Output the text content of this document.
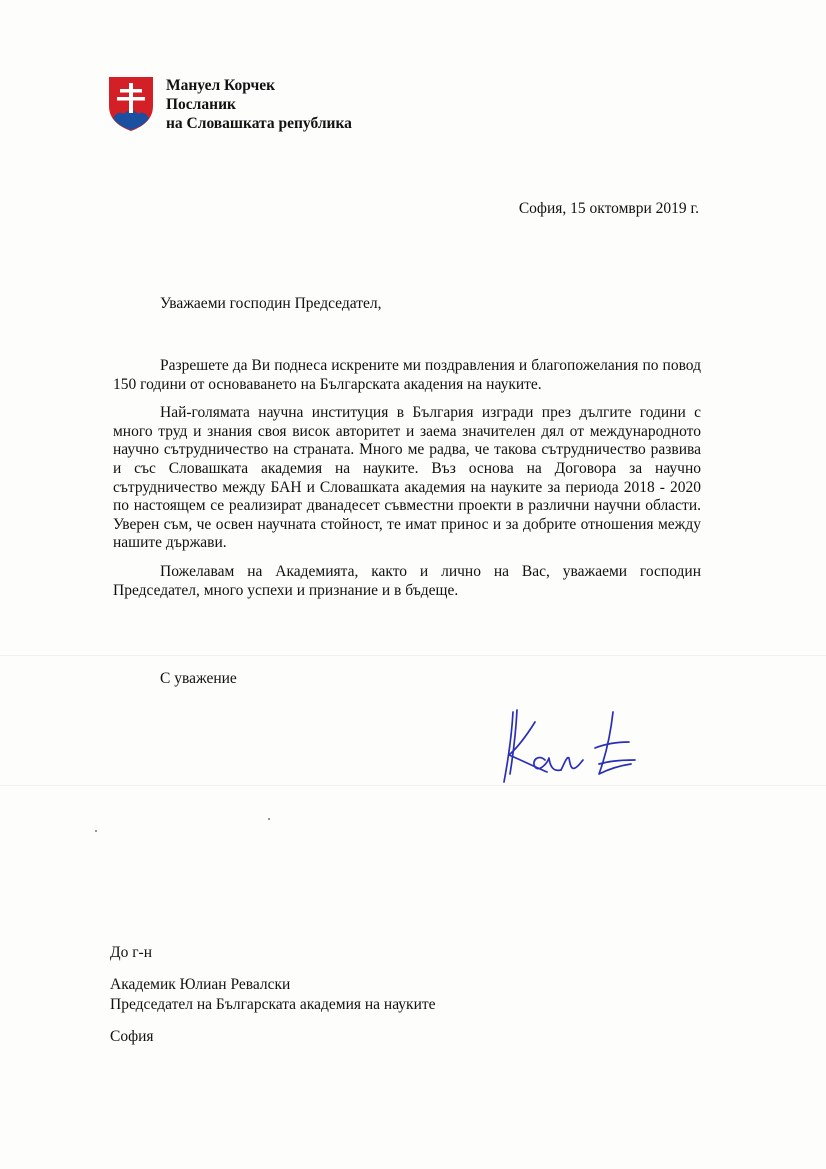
Мануел Корчек
Посланик
на Словашката република
София, 15 октомври 2019 г.
Уважаеми господин Председател,

Разрешете да Ви поднеса искрените ми поздравления и благопожелания по повод 150 години от основаването на Българската акадения на науките.

Най-голямата научна институция в България изгради през дългите години с много труд и знания своя висок авторитет и заема значителен дял от международното научно сътрудничество на страната. Много ме радва, че такова сътрудничество развива и със Словашката академия на науките. Въз основа на Договора за научно сътрудничество между БАН и Словашката академия на науките за периода 2018 - 2020 по настоящем се реализират дванадесет съвместни проекти в различни научни области. Уверен съм, че освен научната стойност, те имат принос и за добрите отношения между нашите държави.

Пожелавам на Академията, както и лично на Вас, уважаеми господин Председател, много успехи и признание и в бъдеще.

С уважение
До г-н
Академик Юлиан Ревалски
Председател на Българската академия на науките
София
